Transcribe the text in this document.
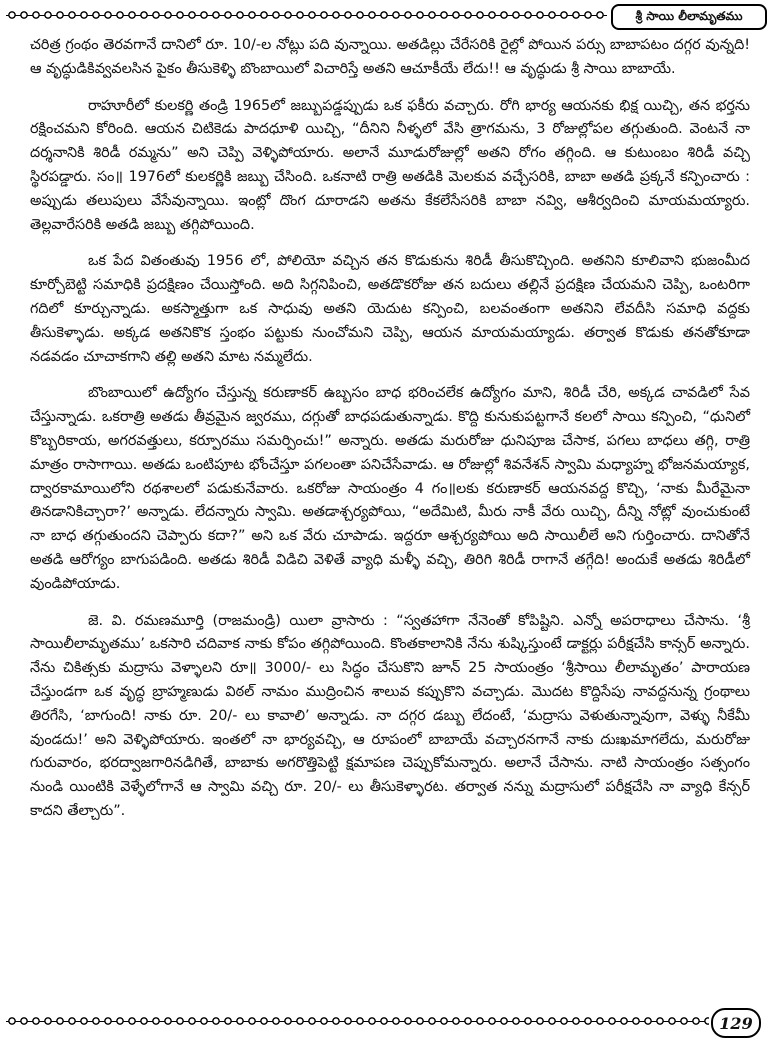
శ్రీ సాయి లీలామృతము

చరిత్ర గ్రంథం తెరవగానే దానిలో రూ. 10/-ల నోట్లు పది వున్నాయి. అతడిల్లు చేరేసరికి రైల్లో పోయిన పర్సు బాబాపటం దగ్గర వున్నది! ఆ వృద్ధుడికివ్వవలసిన పైకం తీసుకెళ్ళి బొంబాయిలో విచారిస్తే అతని ఆచూకీయే లేదు!! ఆ వృద్ధుడు శ్రీ సాయి బాబాయే.

రాహూరీలో కులకర్ణి తండ్రి 1965లో జబ్బుపడ్డప్పుడు ఒక ఫకీరు వచ్చారు. రోగి భార్య ఆయనకు భిక్ష యిచ్చి, తన భర్తను రక్షించమని కోరింది. ఆయన చిటికెడు పాదధూళి యిచ్చి, “దీనిని నీళ్ళలో వేసి త్రాగమను, 3 రోజుల్లోపల తగ్గుతుంది. వెంటనే నా దర్శనానికి శిరిడీ రమ్మను” అని చెప్పి వెళ్ళిపోయారు. అలానే మూడురోజుల్లో అతని రోగం తగ్గింది. ఆ కుటుంబం శిరిడీ వచ్చి స్థిరపడ్డారు. సం॥ 1976లో కులకర్ణికి జబ్బు చేసింది. ఒకనాటి రాత్రి అతడికి మెలకువ వచ్చేసరికి, బాబా అతడి ప్రక్కనే కన్పించారు : అప్పుడు తలుపులు వేసేవున్నాయి. ఇంట్లో దొంగ దూరాడని అతను కేకలేసేసరికి బాబా నవ్వి, ఆశీర్వదించి మాయమయ్యారు. తెల్లవారేసరికి అతడి జబ్బు తగ్గిపోయింది.

ఒక పేద వితంతువు 1956 లో, పోలియో వచ్చిన తన కొడుకును శిరిడీ తీసుకొచ్చింది. అతనిని కూలివాని భుజంమీద కూర్చోబెట్టి సమాధికి ప్రదక్షిణం చేయిస్తోంది. అది సిగ్గనిపించి, అతడొకరోజు తన బదులు తల్లినే ప్రదక్షిణ చేయమని చెప్పి, ఒంటరిగా గదిలో కూర్చున్నాడు. అకస్మాత్తుగా ఒక సాధువు అతని యెదుట కన్పించి, బలవంతంగా అతనిని లేవదీసి సమాధి వద్దకు తీసుకెళ్ళాడు. అక్కడ అతనికొక స్తంభం పట్టుకు నుంచోమని చెప్పి, ఆయన మాయమయ్యాడు. తర్వాత కొడుకు తనతోకూడా నడవడం చూచాకగాని తల్లి అతని మాట నమ్మలేదు.

బొంబాయిలో ఉద్యోగం చేస్తున్న కరుణాకర్ ఉబ్బసం బాధ భరించలేక ఉద్యోగం మాని, శిరిడీ చేరి, అక్కడ చావడిలో సేవ చేస్తున్నాడు. ఒకరాత్రి అతడు తీవ్రమైన జ్వరము, దగ్గుతో బాధపడుతున్నాడు. కొద్ది కునుకుపట్టగానే కలలో సాయి కన్పించి, “ధునిలో కొబ్బరికాయ, అగరవత్తులు, కర్పూరము సమర్పించు!” అన్నారు. అతడు మరురోజు ధునిపూజ చేసాక, పగలు బాధలు తగ్గి, రాత్రి మాత్రం రాసాగాయి. అతడు ఒంటిపూట భోంచేస్తూ పగలంతా పనిచేసేవాడు. ఆ రోజుల్లో శివనేశన్ స్వామి మధ్యాహ్న భోజనమయ్యాక, ద్వారకామాయిలోని రథశాలలో పడుకునేవారు. ఒకరోజు సాయంత్రం 4 గం॥లకు కరుణాకర్ ఆయనవద్ద కొచ్చి, ‘నాకు మీరేమైనా తినడానికిచ్చారా?’ అన్నాడు. లేదన్నారు స్వామి. అతడాశ్చర్యపోయి, “అదేమిటి, మీరు నాకీ వేరు యిచ్చి, దీన్ని నోట్లో వుంచుకుంటే నా బాధ తగ్గుతుందని చెప్పారు కదా?” అని ఒక వేరు చూపాడు. ఇద్దరూ ఆశ్చర్యపోయి అది సాయిలీలే అని గుర్తించారు. దానితోనే అతడి ఆరోగ్యం బాగుపడింది. అతడు శిరిడీ విడిచి వెళితే వ్యాధి మళ్ళీ వచ్చి, తిరిగి శిరిడీ రాగానే తగ్గేది! అందుకే అతడు శిరిడీలో వుండిపోయాడు.

జె. వి. రమణమూర్తి (రాజమండ్రి) యిలా వ్రాసారు : “స్వతహాగా నేనెంతో కోపిష్టిని. ఎన్నో అపరాధాలు చేసాను. ‘శ్రీ సాయిలీలామృతము’ ఒకసారి చదివాక నాకు కోపం తగ్గిపోయింది. కొంతకాలానికి నేను శుష్కిస్తుంటే డాక్టర్లు పరీక్షచేసి కాన్సర్ అన్నారు. నేను చికిత్సకు మద్రాసు వెళ్ళాలని రూ॥ 3000/- లు సిద్ధం చేసుకొని జూన్ 25 సాయంత్రం ‘శ్రీసాయి లీలామృతం’ పారాయణ చేస్తుండగా ఒక వృద్ధ బ్రాహ్మణుడు విఠల్ నామం ముద్రించిన శాలువ కప్పుకొని వచ్చాడు. మొదట కొద్దిసేపు నావద్దనున్న గ్రంథాలు తిరగేసి, ‘బాగుంది! నాకు రూ. 20/- లు కావాలి’ అన్నాడు. నా దగ్గర డబ్బు లేదంటే, ‘మద్రాసు వెళుతున్నావుగా, వెళ్ళు నీకేమీ వుండదు!’ అని వెళ్ళిపోయారు. ఇంతలో నా భార్యవచ్చి, ఆ రూపంలో బాబాయే వచ్చారనగానే నాకు దుఃఖమాగలేదు, మరురోజు గురువారం, భరద్వాజగారినడిగితే, బాబాకు అగరొత్తిపెట్టి క్షమాపణ చెప్పుకోమన్నారు. అలానే చేసాను. నాటి సాయంత్రం సత్సంగం నుండి యింటికి వెళ్ళేలోగానే ఆ స్వామి వచ్చి రూ. 20/- లు తీసుకెళ్ళారట. తర్వాత నన్ను మద్రాసులో పరీక్షచేసి నా వ్యాధి కేన్సర్ కాదని తేల్చారు”.

129
